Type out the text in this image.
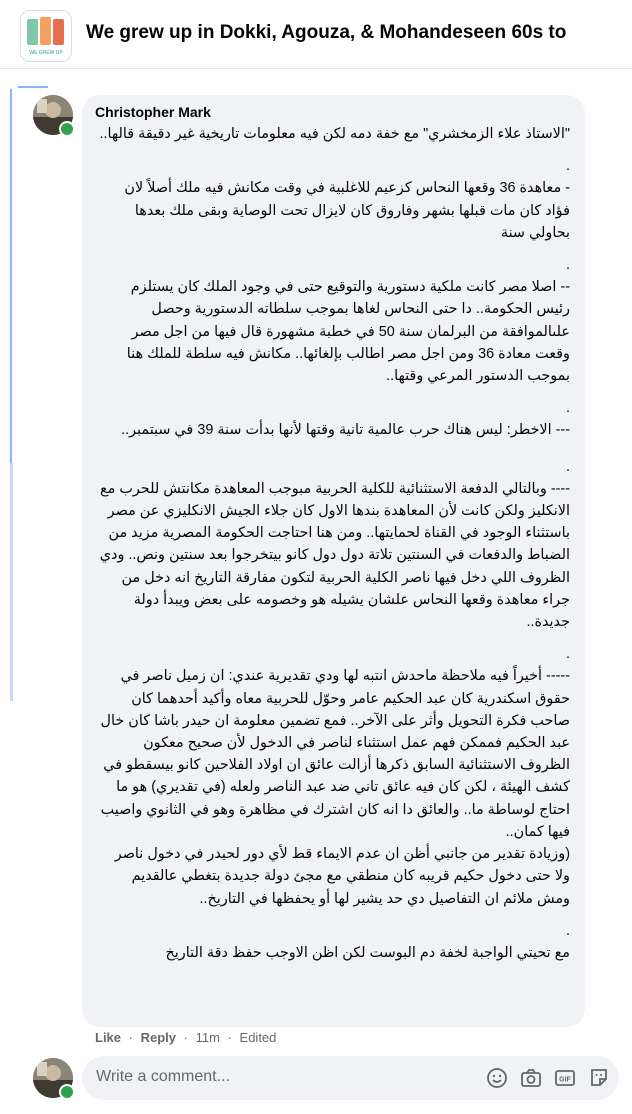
WE GREW UP
We grew up in Dokki, Agouza, & Mohandeseen 60s to
Christopher Mark

"الاستاذ علاء الزمخشري" مع خفة دمه لكن فيه معلومات تاريخية غير دقيقة قالها..

.

- معاهدة 36 وقعها النحاس كزعيم للاغلبية في وقت مكانش فيه ملك أصلاً لان فؤاد كان مات قبلها بشهر وفاروق كان لايزال تحت الوصاية وبقى ملك بعدها بحاولي سنة

.

-- اصلا مصر كانت ملكية دستورية والتوقيع حتى في وجود الملك كان يستلزم رئيس الحكومة.. دا حتى النحاس لغاها بموجب سلطاته الدستورية وحصل علىالموافقة من البرلمان سنة 50 في خطبة مشهورة قال فيها من اجل مصر وقعت معادة 36 ومن اجل مصر اطالب بإلغائها.. مكانش فيه سلطة للملك هنا بموجب الدستور المرعي وقتها..

.

--- الاخطر: ليس هناك حرب عالمية تانية وقتها لأنها بدأت سنة 39 في سبتمبر..

.

---- وبالتالي الدفعة الاستثنائية للكلية الحربية مبوجب المعاهدة مكانتش للحرب مع الانكليز ولكن كانت لأن المعاهدة بندها الاول كان جلاء الجيش الانكليزي عن مصر باستثناء الوجود في القناة لحمايتها.. ومن هنا احتاجت الحكومة المصرية مزيد من الضباط والدفعات في السنتين تلاتة دول دول كانو بيتخرجوا بعد سنتين ونص.. ودي الظروف اللي دخل فيها ناصر الكلية الحربية لتكون مفارقة التاريخ انه دخل من جراء معاهدة وقعها النحاس علشان يشيله هو وخصومه على بعض ويبدأ دولة جديدة..

.

----- أخيراً فيه ملاحظة ماحدش انتبه لها ودي تقديرية عندي: ان زميل ناصر في حقوق اسكندرية كان عبد الحكيم عامر وحوّل للحربية معاه وأكيد أحدهما كان صاحب فكرة التحويل وأثر على الآخر.. فمع تضمين معلومة ان حيدر باشا كان خال عبد الحكيم فممكن فهم عمل استثناء لناصر في الدخول لأن صحيح معكون الظروف الاستثنائية السابق ذكرها أزالت عائق ان اولاد الفلاحين كانو بيسقطو في كشف الهيئة ، لكن كان فيه عائق تاني ضد عبد الناصر ولعله (في تقديري) هو ما احتاج لوساطة ما.. والعائق دا انه كان اشترك في مظاهرة وهو في الثانوي واصيب فيها كمان..

(وزيادة تقدير من جانبي أظن ان عدم الايماء قط لأي دور لحيدر في دخول ناصر ولا حتى دخول حكيم قريبه كان منطقي مع مجئ دولة جديدة بتغطي عالقديم ومش ملائم ان التفاصيل دي حد يشير لها أو يحفظها في التاريخ..

.

مع تحيتي الواجبة لخفة دم البوست لكن اظن الاوجب حفظ دقة التاريخ

Like · Reply · 11m · Edited
Write a comment...	GIF
